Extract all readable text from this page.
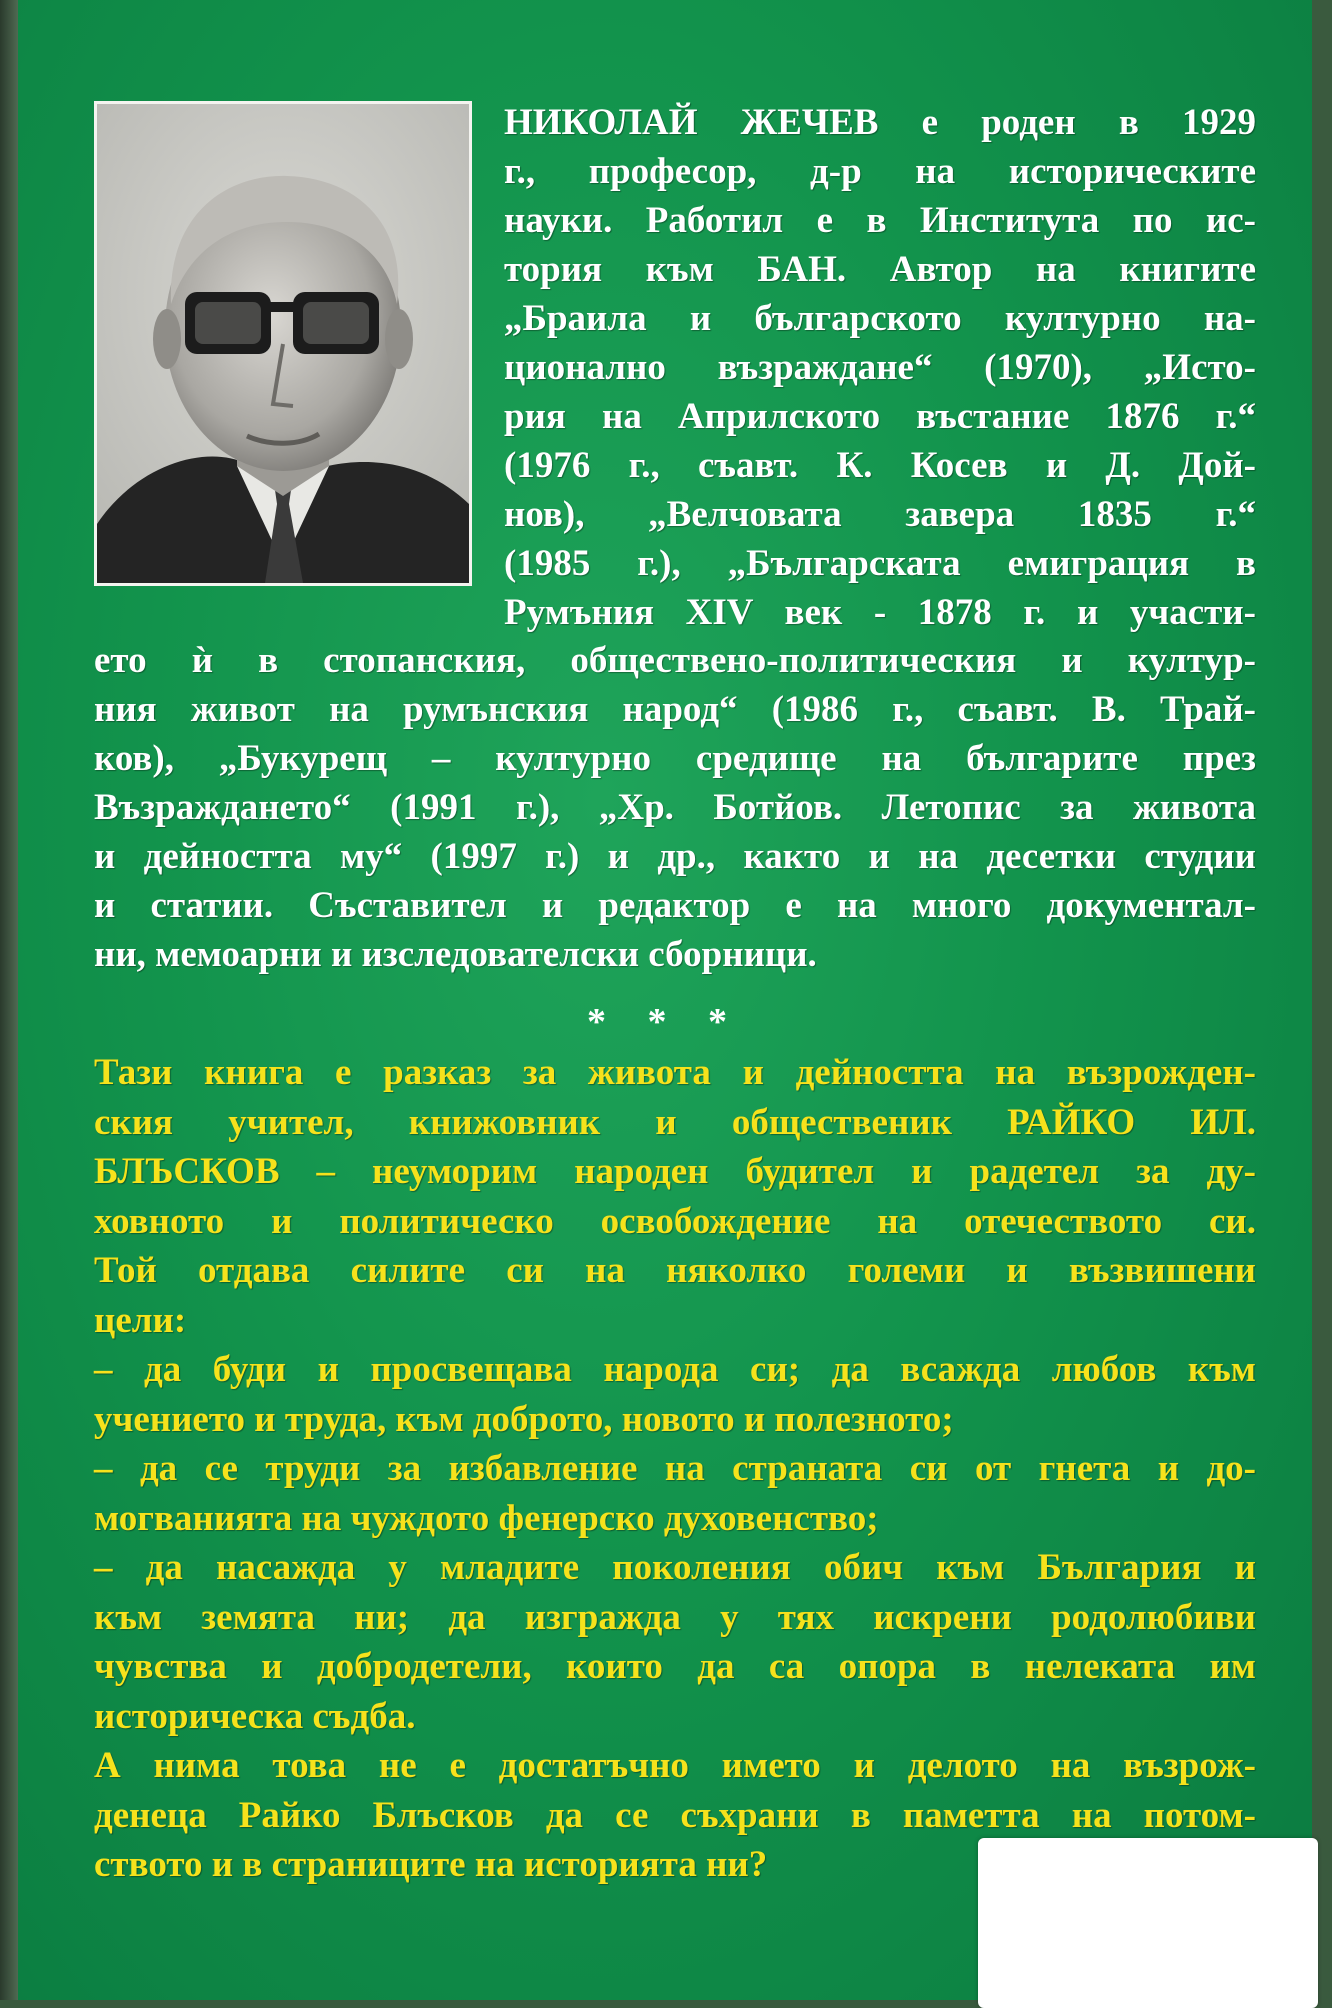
НИКОЛАЙ ЖЕЧЕВ е роден в 1929
г., професор, д-р на историческите
науки. Работил е в Института по ис-
тория към БАН. Автор на книгите
„Браила и българското културно на-
ционално възраждане“ (1970), „Исто-
рия на Априлското въстание 1876 г.“
(1976 г., съавт. К. Косев и Д. Дой-
нов), „Велчовата завера 1835 г.“
(1985 г.), „Българската емиграция в
Румъния XIV век - 1878 г. и участи-
ето ѝ в стопанския, обществено-политическия и култур-
ния живот на румънския народ“ (1986 г., съавт. В. Трай-
ков), „Букурещ – културно средище на българите през
Възраждането“ (1991 г.), „Хр. Ботйов. Летопис за живота
и дейността му“ (1997 г.) и др., както и на десетки студии
и статии. Съставител и редактор е на много документал-
ни, мемоарни и изследователски сборници.
* * *
Тази книга е разказ за живота и дейността на възрожден-
ския учител, книжовник и общественик РАЙКО ИЛ.
БЛЪСКОВ – неуморим народен будител и радетел за ду-
ховното и политическо освобождение на отечеството си.
Той отдава силите си на няколко големи и възвишени
цели:
– да буди и просвещава народа си; да всажда любов към
учението и труда, към доброто, новото и полезното;
– да се труди за избавление на страната си от гнета и до-
могванията на чуждото фенерско духовенство;
– да насажда у младите поколения обич към България и
към земята ни; да изгражда у тях искрени родолюбиви
чувства и добродетели, които да са опора в нелеката им
историческа съдба.
А нима това не е достатъчно името и делото на възрож-
денеца Райко Блъсков да се съхрани в паметта на потом-
ството и в страниците на историята ни?
